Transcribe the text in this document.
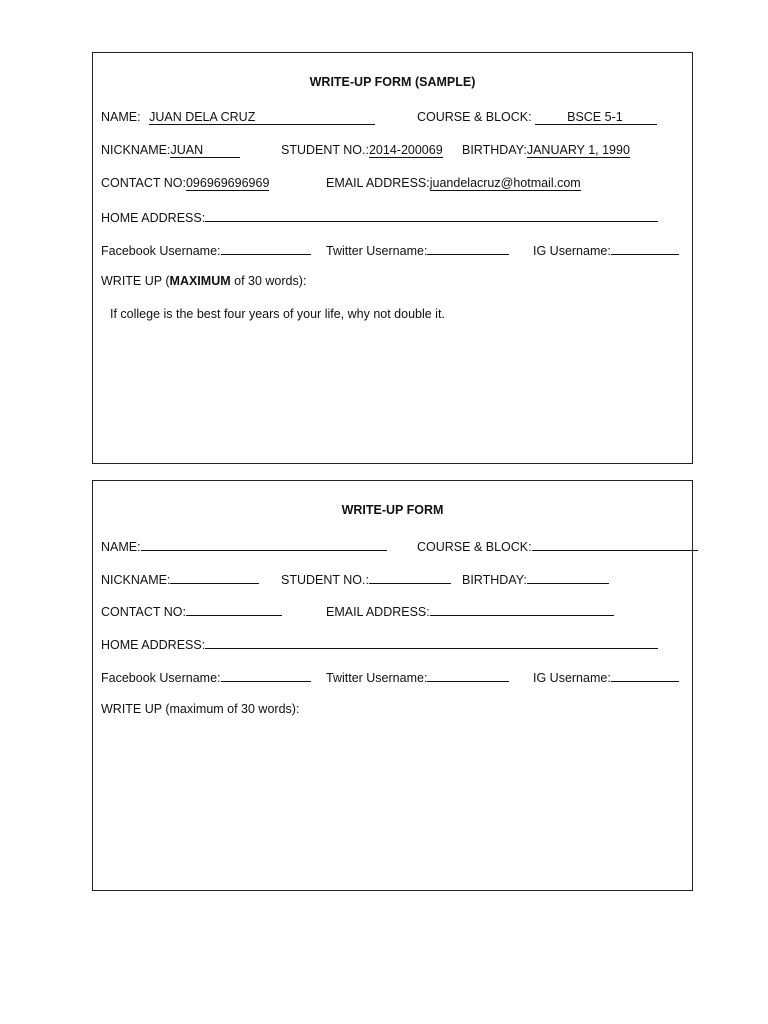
WRITE-UP FORM (SAMPLE)
NAME: JUAN DELA CRUZ	COURSE & BLOCK:	BSCE 5-1
NICKNAME:JUAN	STUDENT NO.:2014-200069 BIRTHDAY:JANUARY 1, 1990
CONTACT NO:096969696969	EMAIL ADDRESS:juandelacruz@hotmail.com
HOME ADDRESS:
Facebook Username:	Twitter Username:	IG Username:
WRITE UP (MAXIMUM of 30 words):
If college is the best four years of your life, why not double it.
WRITE-UP FORM
NAME:	COURSE & BLOCK:
NICKNAME:	STUDENT NO.:	BIRTHDAY:
CONTACT NO:	EMAIL ADDRESS:
HOME ADDRESS:
Facebook Username:	Twitter Username:	IG Username:
WRITE UP (maximum of 30 words):
